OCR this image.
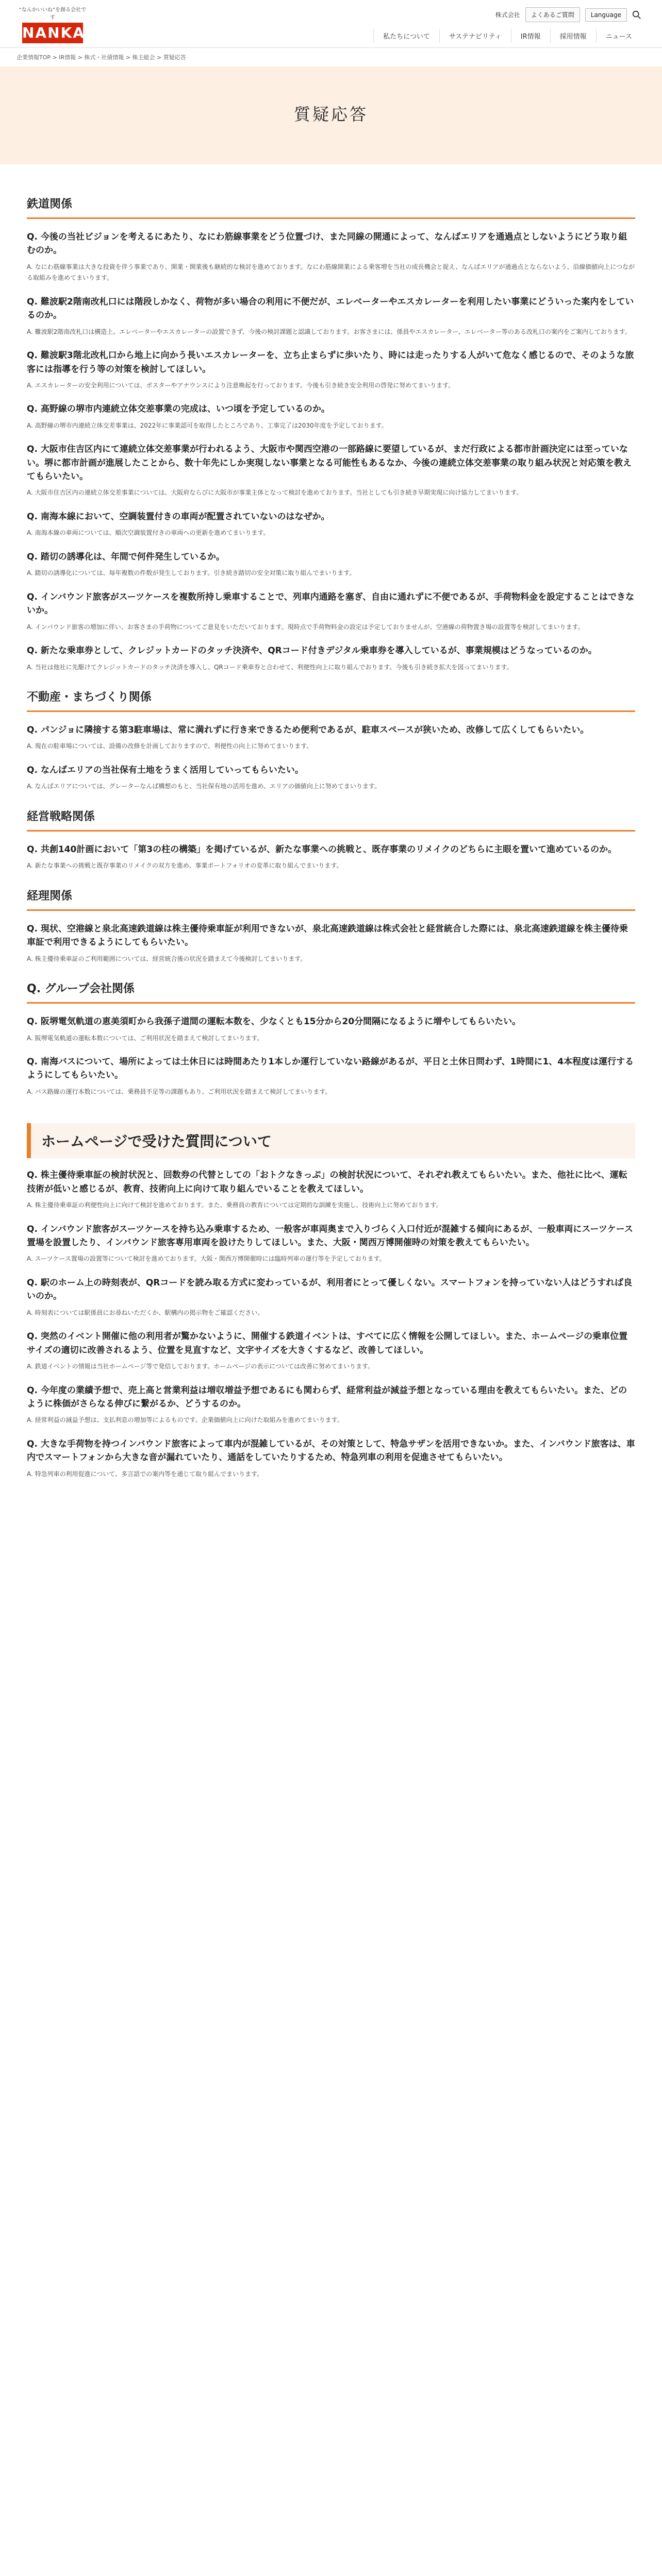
“なんかいいね”を創る会社です
NANKAI
株式会社	よくあるご質問	Language
私たちについて	サステナビリティ	IR情報	採用情報	ニュース
企業情報TOP > IR情報 > 株式・社債情報 > 株主総会 > 質疑応答
質疑応答
鉄道関係
Q. 今後の当社ビジョンを考えるにあたり、なにわ筋線事業をどう位置づけ、また同線の開通によって、なんばエリアを通過点としないようにどう取り組むのか。
A. なにわ筋線事業は大きな投資を伴う事業であり、開業・開業後も継続的な検討を進めております。なにわ筋線開業による乗客増を当社の成長機会と捉え、なんばエリアが通過点とならないよう、沿線価値向上につながる取組みを進めてまいります。
Q. 難波駅2階南改札口には階段しかなく、荷物が多い場合の利用に不便だが、エレベーターやエスカレーターを利用したい事業にどういった案内をしているのか。
A. 難波駅2階南改札口は構造上、エレベーターやエスカレーターの設置できず、今後の検討課題と認識しております。お客さまには、係員やエスカレーター、エレベーター等のある改札口の案内をご案内しております。
Q. 難波駅3階北改札口から地上に向かう長いエスカレーターを、立ち止まらずに歩いたり、時には走ったりする人がいて危なく感じるので、そのような旅客には指導を行う等の対策を検討してほしい。
A. エスカレーターの安全利用については、ポスターやアナウンスにより注意喚起を行っております。今後も引き続き安全利用の啓発に努めてまいります。
Q. 高野線の堺市内連続立体交差事業の完成は、いつ頃を予定しているのか。
A. 高野線の堺市内連続立体交差事業は、2022年に事業認可を取得したところであり、工事完了は2030年度を予定しております。
Q. 大阪市住吉区内にて連続立体交差事業が行われるよう、大阪市や関西空港の一部路線に要望しているが、まだ行政による都市計画決定には至っていない。堺に都市計画が進展したことから、数十年先にしか実現しない事業となる可能性もあるなか、今後の連続立体交差事業の取り組み状況と対応策を教えてもらいたい。
A. 大阪市住吉区内の連続立体交差事業については、大阪府ならびに大阪市が事業主体となって検討を進めております。当社としても引き続き早期実現に向け協力してまいります。
Q. 南海本線において、空調装置付きの車両が配置されていないのはなぜか。
A. 南海本線の車両については、順次空調装置付きの車両への更新を進めてまいります。
Q. 踏切の誘導化は、年間で何件発生しているか。
A. 踏切の誘導化については、毎年複数の件数が発生しております。引き続き踏切の安全対策に取り組んでまいります。
Q. インバウンド旅客がスーツケースを複数所持し乗車することで、列車内通路を塞ぎ、自由に通れずに不便であるが、手荷物料金を設定することはできないか。
A. インバウンド旅客の増加に伴い、お客さまの手荷物についてご意見をいただいております。現時点で手荷物料金の設定は予定しておりませんが、空港線の荷物置き場の設置等を検討してまいります。
Q. 新たな乗車券として、クレジットカードのタッチ決済や、QRコード付きデジタル乗車券を導入しているが、事業規模はどうなっているのか。
A. 当社は他社に先駆けてクレジットカードのタッチ決済を導入し、QRコード乗車券と合わせて、利便性向上に取り組んでおります。今後も引き続き拡大を図ってまいります。
不動産・まちづくり関係
Q. パンジョに隣接する第3駐車場は、常に満れずに行き来できるため便利であるが、駐車スペースが狭いため、改修して広くしてもらいたい。
A. 現在の駐車場については、設備の改修を計画しておりますので、利便性の向上に努めてまいります。
Q. なんばエリアの当社保有土地をうまく活用していってもらいたい。
A. なんばエリアについては、グレーターなんば構想のもと、当社保有地の活用を進め、エリアの価値向上に努めてまいります。
経営戦略関係
Q. 共創140計画において「第3の柱の構築」を掲げているが、新たな事業への挑戦と、既存事業のリメイクのどちらに主眼を置いて進めているのか。
A. 新たな事業への挑戦と既存事業のリメイクの双方を進め、事業ポートフォリオの変革に取り組んでまいります。
経理関係
Q. 現状、空港線と泉北高速鉄道線は株主優待乗車証が利用できないが、泉北高速鉄道線は株式会社と経営統合した際には、泉北高速鉄道線を株主優待乗車証で利用できるようにしてもらいたい。
A. 株主優待乗車証のご利用範囲については、経営統合後の状況を踏まえて今後検討してまいります。
Q. グループ会社関係
Q. 阪堺電気軌道の恵美須町から我孫子道間の運転本数を、少なくとも15分から20分間隔になるように増やしてもらいたい。
A. 阪堺電気軌道の運転本数については、ご利用状況を踏まえて検討してまいります。
Q. 南海バスについて、場所によっては土休日には時間あたり1本しか運行していない路線があるが、平日と土休日問わず、1時間に1、4本程度は運行するようにしてもらいたい。
A. バス路線の運行本数については、乗務員不足等の課題もあり、ご利用状況を踏まえて検討してまいります。
ホームページで受けた質問について
Q. 株主優待乗車証の検討状況と、回数券の代替としての「おトクなきっぷ」の検討状況について、それぞれ教えてもらいたい。また、他社に比べ、運転技術が低いと感じるが、教育、技術向上に向けて取り組んでいることを教えてほしい。
A. 株主優待乗車証の利便性向上に向けて検討を進めております。また、乗務員の教育については定期的な訓練を実施し、技術向上に努めております。
Q. インバウンド旅客がスーツケースを持ち込み乗車するため、一般客が車両奥まで入りづらく入口付近が混雑する傾向にあるが、一般車両にスーツケース置場を設置したり、インバウンド旅客専用車両を設けたりしてほしい。また、大阪・関西万博開催時の対策を教えてもらいたい。
A. スーツケース置場の設置等について検討を進めております。大阪・関西万博開催時には臨時列車の運行等を予定しております。
Q. 駅のホーム上の時刻表が、QRコードを読み取る方式に変わっているが、利用者にとって優しくない。スマートフォンを持っていない人はどうすれば良いのか。
A. 時刻表については駅係員にお尋ねいただくか、駅構内の掲示物をご確認ください。
Q. 突然のイベント開催に他の利用者が驚かないように、開催する鉄道イベントは、すべてに広く情報を公開してほしい。また、ホームページの乗車位置サイズの適切に改善されるよう、位置を見直すなど、文字サイズを大きくするなど、改善してほしい。
A. 鉄道イベントの情報は当社ホームページ等で発信しております。ホームページの表示については改善に努めてまいります。
Q. 今年度の業績予想で、売上高と営業利益は増収増益予想であるにも関わらず、経常利益が減益予想となっている理由を教えてもらいたい。また、どのように株価がさらなる伸びに繋がるか、どうするのか。
A. 経常利益の減益予想は、支払利息の増加等によるものです。企業価値向上に向けた取組みを進めてまいります。
Q. 大きな手荷物を持つインバウンド旅客によって車内が混雑しているが、その対策として、特急サザンを活用できないか。また、インバウンド旅客は、車内でスマートフォンから大きな音が漏れていたり、通話をしていたりするため、特急列車の利用を促進させてもらいたい。
A. 特急列車の利用促進について、多言語での案内等を通じて取り組んでまいります。
